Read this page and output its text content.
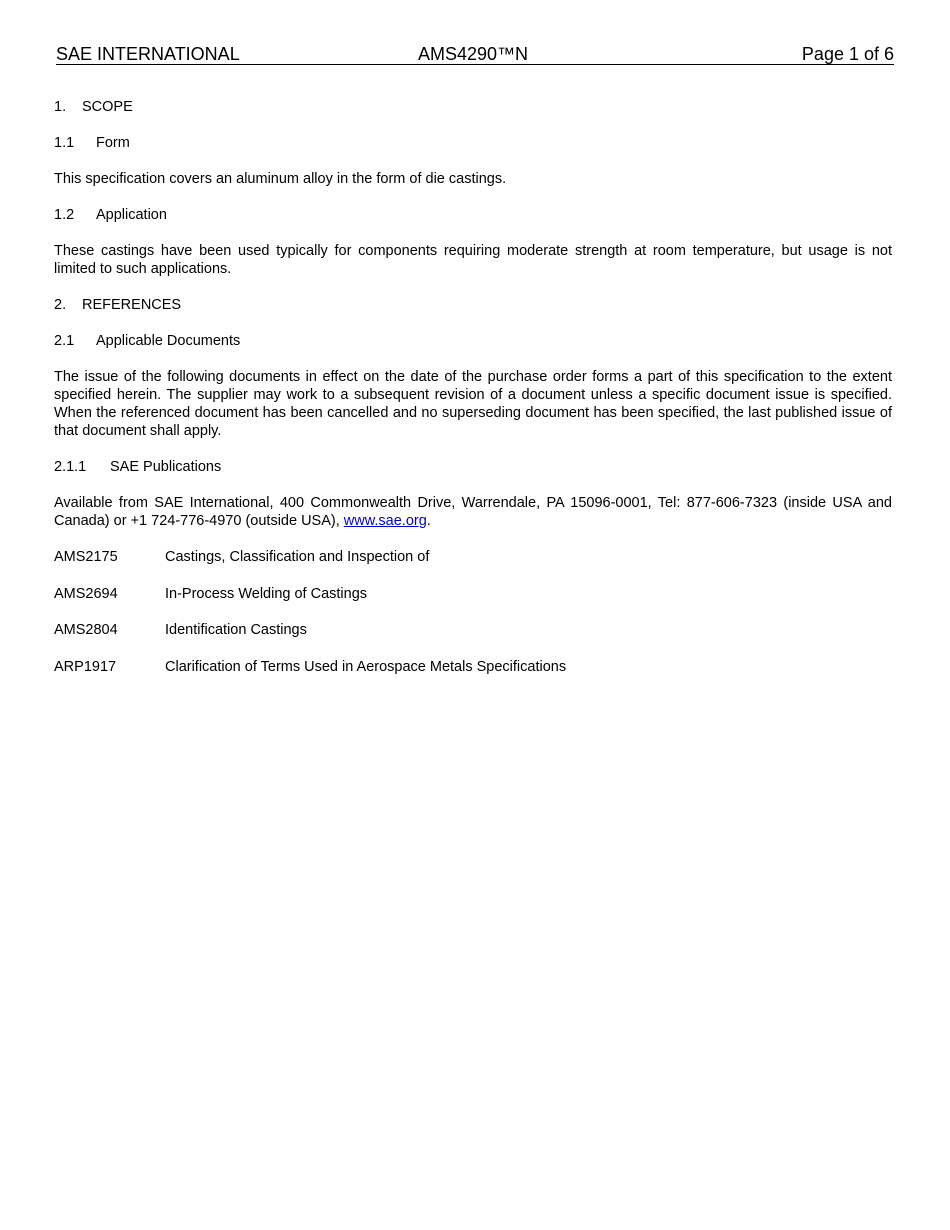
SAE INTERNATIONAL	AMS4290™N	Page 1 of 6
1. SCOPE
1.1 Form

This specification covers an aluminum alloy in the form of die castings.

1.2 Application

These castings have been used typically for components requiring moderate strength at room temperature, but usage is not limited to such applications.

2. REFERENCES
2.1 Applicable Documents

The issue of the following documents in effect on the date of the purchase order forms a part of this specification to the extent specified herein. The supplier may work to a subsequent revision of a document unless a specific document issue is specified. When the referenced document has been cancelled and no superseding document has been specified, the last published issue of that document shall apply.

2.1.1 SAE Publications

Available from SAE International, 400 Commonwealth Drive, Warrendale, PA 15096-0001, Tel: 877-606-7323 (inside USA and Canada) or +1 724-776-4970 (outside USA), www.sae.org.

AMS2175	Castings, Classification and Inspection of
AMS2694	In-Process Welding of Castings
AMS2804	Identification Castings
ARP1917	Clarification of Terms Used in Aerospace Metals Specifications
